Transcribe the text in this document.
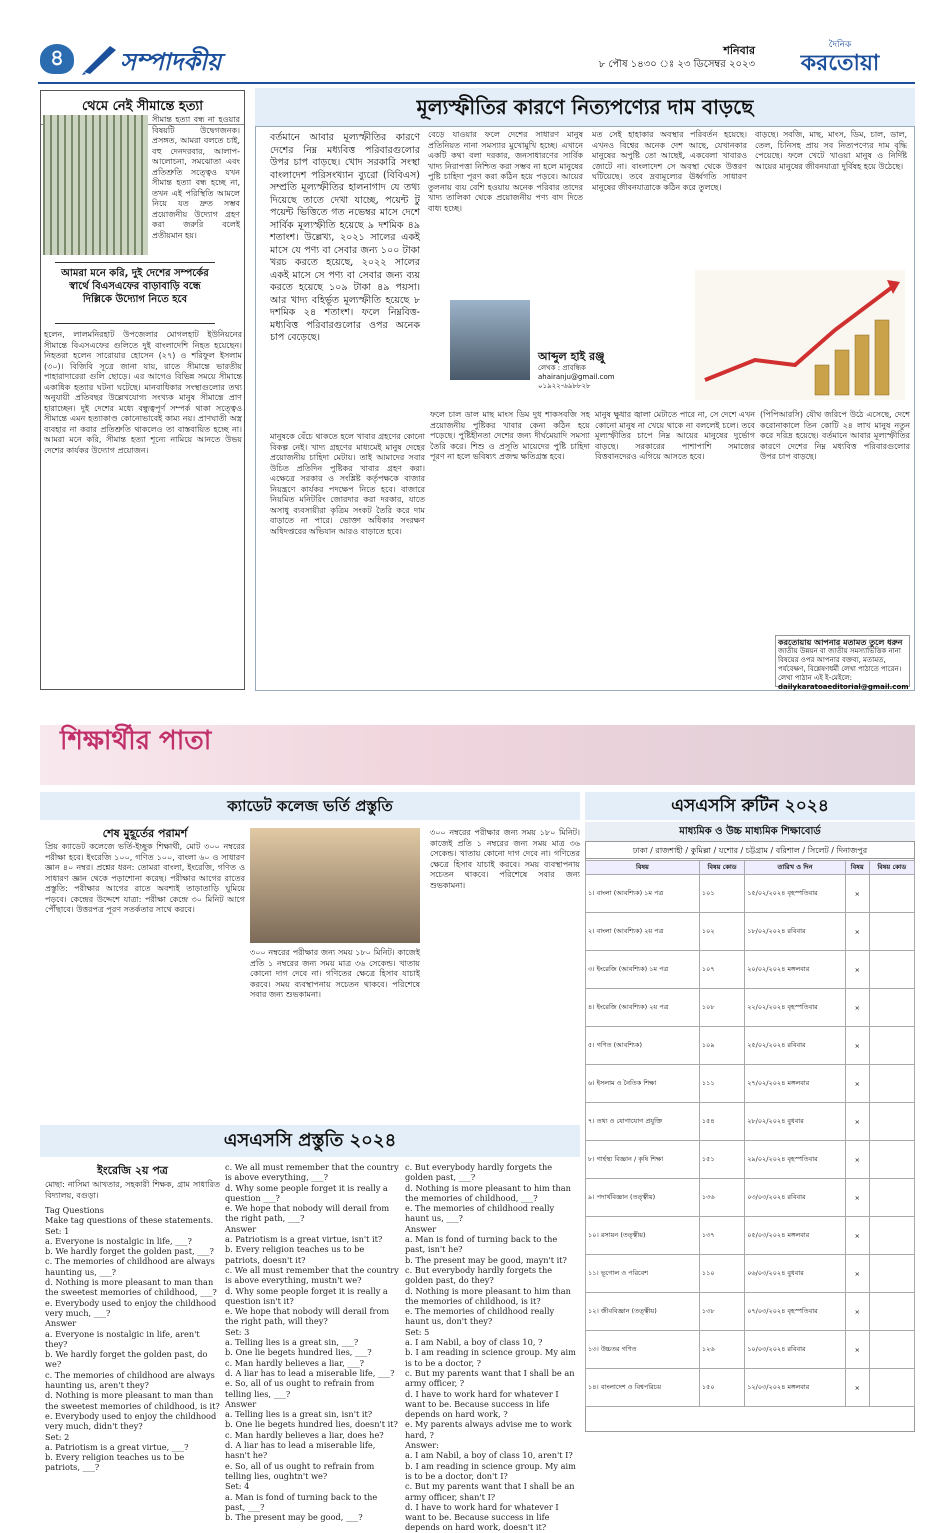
৪	সম্পাদকীয়	শনিবার
৮ পৌষ ১৪৩০ ঃ ২৩ ডিসেম্বর ২০২৩
দৈনিক
করতোয়া
থেমে নেই সীমান্তে হত্যা
সীমান্ত হত্যা বন্ধ না হওয়ার বিষয়টি উদ্বেগজনক। প্রসঙ্গত, আমরা বলতে চাই, বহু দেনদরবার, আলাপ-আলোচনা, সমঝোতা এবং প্রতিশ্রুতি সত্ত্বেও যখন সীমান্ত হত্যা বন্ধ হচ্ছে না, তখন এই পরিস্থিতি আমলে নিয়ে যত দ্রুত সম্ভব প্রয়োজনীয় উদ্যোগ গ্রহণ করা জরুরি বলেই প্রতীয়মান হয়।
আমরা মনে করি, দুই দেশের সম্পর্কের স্বার্থে বিএসএফের বাড়াবাড়ি বন্ধে দিল্লিকে উদ্যোগ নিতে হবে
হলেন, লালমনিরহাট উপজেলার মোগলহাট ইউনিয়নের সীমান্তে বিএসএফের গুলিতে দুই বাংলাদেশি নিহত হয়েছেন। নিহতরা হলেন সারোয়ার হোসেন (২৭) ও শরিফুল ইসলাম (৩০)। বিজিবি সূত্রে জানা যায়, রাতে সীমান্তে ভারতীয় পাহারাদারেরা গুলি ছোড়ে। এর আগেও বিভিন্ন সময়ে সীমান্তে একাধিক হত্যার ঘটনা ঘটেছে। মানবাধিকার সংস্থাগুলোর তথ্য অনুযায়ী প্রতিবছর উল্লেখযোগ্য সংখ্যক মানুষ সীমান্তে প্রাণ হারাচ্ছেন। দুই দেশের মধ্যে বন্ধুত্বপূর্ণ সম্পর্ক থাকা সত্ত্বেও সীমান্তে এমন হত্যাকাণ্ড কোনোভাবেই কাম্য নয়। প্রাণঘাতী অস্ত্র ব্যবহার না করার প্রতিশ্রুতি থাকলেও তা বাস্তবায়িত হচ্ছে না। আমরা মনে করি, সীমান্ত হত্যা শূন্যে নামিয়ে আনতে উভয় দেশের কার্যকর উদ্যোগ প্রয়োজন।
মূল্যস্ফীতির কারণে নিত্যপণ্যের দাম বাড়ছে
বর্তমানে আবার মূল্যস্ফীতির কারণে দেশের নিম্ন মধ্যবিত্ত পরিবারগুলোর উপর চাপ বাড়ছে। খোদ সরকারি সংস্থা বাংলাদেশ পরিসংখ্যান ব্যুরো (বিবিএস) সম্প্রতি মূল্যস্ফীতির হালনাগাদ যে তথ্য দিয়েছে তাতে দেখা যাচ্ছে, পয়েন্ট টু পয়েন্ট ভিত্তিতে গত নভেম্বর মাসে দেশে সার্বিক মূল্যস্ফীতি হয়েছে ৯ দশমিক ৪৯ শতাংশ। উল্লেখ্য, ২০২১ সালের একই মাসে যে পণ্য বা সেবার জন্য ১০০ টাকা খরচ করতে হয়েছে, ২০২২ সালের একই মাসে সে পণ্য বা সেবার জন্য ব্যয় করতে হয়েছে ১০৯ টাকা ৪৯ পয়সা। আর খাদ্য বহির্ভূত মূল্যস্ফীতি হয়েছে ৮ দশমিক ২৪ শতাংশ। ফলে নিম্নবিত্ত-মধ্যবিত্ত পরিবারগুলোর ওপর অনেক চাপ বেড়েছে।
বেড়ে যাওয়ার ফলে দেশের সাধারণ মানুষ প্রতিনিয়ত নানা সমস্যার মুখোমুখি হচ্ছে। এখানে একটি কথা বলা দরকার, জনসাধারণের সার্বিক খাদ্য নিরাপত্তা নিশ্চিত করা সম্ভব না হলে মানুষের পুষ্টি চাহিদা পূরণ করা কঠিন হয়ে পড়বে। আয়ের তুলনায় ব্যয় বেশি হওয়ায় অনেক পরিবার তাদের খাদ্য তালিকা থেকে প্রয়োজনীয় পণ্য বাদ দিতে বাধ্য হচ্ছে।
মত সেই হাহাকার অবস্থার পরিবর্তন হয়েছে। এখনও বিশ্বের অনেক দেশ আছে, যেখানকার মানুষের অপুষ্টি তো আছেই, একবেলা খাবারও জোটে না। বাংলাদেশ সে অবস্থা থেকে উত্তরণ ঘটিয়েছে। তবে দ্রব্যমূল্যের ঊর্ধ্বগতি সাধারণ মানুষের জীবনযাত্রাকে কঠিন করে তুলছে।
বাড়ছে। সবজি, মাছ, মাংস, ডিম, চাল, ডাল, তেল, চিনিসহ প্রায় সব নিত্যপণ্যের দাম বৃদ্ধি পেয়েছে। ফলে খেটে খাওয়া মানুষ ও নির্দিষ্ট আয়ের মানুষের জীবনযাত্রা দুর্বিষহ হয়ে উঠেছে।
আব্দুল হাই রঞ্জু
লেখক : প্রাবন্ধিক
ahairanju@gmail.com
০১৯২২-৬৯৮৮২৮
মানুষকে বেঁচে থাকতে হলে খাবার গ্রহণের কোনো বিকল্প নেই। খাদ্য গ্রহণের মাধ্যমেই মানুষ দেহের প্রয়োজনীয় চাহিদা মেটায়। তাই আমাদের সবার উচিত প্রতিদিন পুষ্টিকর খাবার গ্রহণ করা। এক্ষেত্রে সরকার ও সংশ্লিষ্ট কর্তৃপক্ষকে বাজার নিয়ন্ত্রণে কার্যকর পদক্ষেপ নিতে হবে। বাজারে নিয়মিত মনিটরিং জোরদার করা দরকার, যাতে অসাধু ব্যবসায়ীরা কৃত্রিম সংকট তৈরি করে দাম বাড়াতে না পারে। ভোক্তা অধিকার সংরক্ষণ অধিদপ্তরের অভিযান আরও বাড়াতে হবে।
ফলে চাল ডাল মাছ মাংস ডিম দুধ শাকসবজি সহ প্রয়োজনীয় পুষ্টিকর খাবার কেনা কঠিন হয়ে পড়েছে। পুষ্টিহীনতা দেশের জন্য দীর্ঘমেয়াদি সমস্যা তৈরি করে। শিশু ও প্রসূতি মায়েদের পুষ্টি চাহিদা পূরণ না হলে ভবিষ্যৎ প্রজন্ম ক্ষতিগ্রস্ত হবে।
মানুষ ক্ষুধার জ্বালা মেটাতে পারে না, সে দেশে এখন কোনো মানুষ না খেয়ে থাকে না বললেই চলে। তবে মূল্যস্ফীতির চাপে নিম্ন আয়ের মানুষের দুর্ভোগ বাড়ছে। সরকারের পাশাপাশি সমাজের বিত্তবানদেরও এগিয়ে আসতে হবে।
(পিপিআরসি) যৌথ জরিপে উঠে এসেছে, দেশে করোনাকালে তিন কোটি ২৪ লাখ মানুষ নতুন করে দরিদ্র হয়েছে। বর্তমানে আবার মূল্যস্ফীতির কারণে দেশের নিম্ন মধ্যবিত্ত পরিবারগুলোর উপর চাপ বাড়ছে।
করতোয়ায় আপনার মতামত তুলে ধরুন
জাতীয় উন্নয়ন বা জাতীয় সমস্যাভিত্তিক নানা বিষয়ের ওপর আপনার বক্তব্য, মতামত, পর্যবেক্ষণ, বিশ্লেষণধর্মী লেখা পাঠাতে পারেন।
লেখা পাঠান এই ই-মেইলে:
dailykaratoaeditorial@gmail.com
শিক্ষার্থীর পাতা
ক্যাডেট কলেজ ভর্তি প্রস্তুতি
শেষ মুহূর্তের পরামর্শ
প্রিয় ক্যাডেট কলেজে ভর্তি-ইচ্ছুক শিক্ষার্থী, মোট ৩০০ নম্বরের পরীক্ষা হবে। ইংরেজি ১০০, গণিত ১০০, বাংলা ৬০ ও সাধারণ জ্ঞান ৪০ নম্বর। প্রশ্নের ধরন: তোমরা বাংলা, ইংরেজি, গণিত ও সাধারণ জ্ঞান থেকে পড়াশোনা করেছ। পরীক্ষার আগের রাতের প্রস্তুতি: পরীক্ষার আগের রাতে অবশ্যই তাড়াতাড়ি ঘুমিয়ে পড়বে। কেন্দ্রের উদ্দেশে যাত্রা: পরীক্ষা কেন্দ্রে ৩০ মিনিট আগে পৌঁছাবে। উত্তরপত্র পূরণ সতর্কতার সাথে করবে।
৩০০ নম্বরের পরীক্ষার জন্য সময় ১৮০ মিনিট। কাজেই প্রতি ১ নম্বরের জন্য সময় মাত্র ৩৬ সেকেন্ড। খাতায় কোনো দাগ দেবে না। গণিতের ক্ষেত্রে হিসাব যাচাই করবে। সময় ব্যবস্থাপনায় সচেতন থাকবে। পরিশেষে সবার জন্য শুভকামনা।
৩০০ নম্বরের পরীক্ষার জন্য সময় ১৮০ মিনিট। কাজেই প্রতি ১ নম্বরের জন্য সময় মাত্র ৩৬ সেকেন্ড। খাতায় কোনো দাগ দেবে না। গণিতের ক্ষেত্রে হিসাব যাচাই করবে। সময় ব্যবস্থাপনায় সচেতন থাকবে। পরিশেষে সবার জন্য শুভকামনা।
এসএসসি প্রস্তুতি ২০২৪
ইংরেজি ২য় পত্র
মোছা: নাসিমা আখতার, সহকারী শিক্ষক, গ্রাম সাধারিত বিদ্যালয়, বগুড়া।
Tag Questions
Make tag questions of these statements.
Set: 1
a. Everyone is nostalgic in life, ___?
b. We hardly forget the golden past, ___?
c. The memories of childhood are always haunting us, ___?
d. Nothing is more pleasant to man than the sweetest memories of childhood, ___?
e. Everybody used to enjoy the childhood very much, ___?
Answer
a. Everyone is nostalgic in life, aren't they?
b. We hardly forget the golden past, do we?
c. The memories of childhood are always haunting us, aren't they?
d. Nothing is more pleasant to man than the sweetest memories of childhood, is it?
e. Everybody used to enjoy the childhood very much, didn't they?
Set: 2
a. Patriotism is a great virtue, ___?
b. Every religion teaches us to be patriots, ___?
c. We all must remember that the country is above everything, ___?
d. Why some people forget it is really a question ___?
e. We hope that nobody will derail from the right path, ___?
Answer
a. Patriotism is a great virtue, isn't it?
b. Every religion teaches us to be patriots, doesn't it?
c. We all must remember that the country is above everything, mustn't we?
d. Why some people forget it is really a question isn't it?
e. We hope that nobody will derail from the right path, will they?
Set: 3
a. Telling lies is a great sin, ___?
b. One lie begets hundred lies, ___?
c. Man hardly believes a liar, ___?
d. A liar has to lead a miserable life, ___?
e. So, all of us ought to refrain from telling lies, ___?
Answer
a. Telling lies is a great sin, isn't it?
b. One lie begets hundred lies, doesn't it?
c. Man hardly believes a liar, does he?
d. A liar has to lead a miserable life, hasn't he?
e. So, all of us ought to refrain from telling lies, oughtn't we?
Set: 4
a. Man is fond of turning back to the past, ___?
b. The present may be good, ___?
c. But everybody hardly forgets the golden past, ___?
d. Nothing is more pleasant to him than the memories of childhood, ___?
e. The memories of childhood really haunt us, ___?
Answer
a. Man is fond of turning back to the past, isn't he?
b. The present may be good, mayn't it?
c. But everybody hardly forgets the golden past, do they?
d. Nothing is more pleasant to him than the memories of childhood, is it?
e. The memories of childhood really haunt us, don't they?
Set: 5
a. I am Nabil, a boy of class 10, ?
b. I am reading in science group. My aim is to be a doctor, ?
c. But my parents want that I shall be an army officer, ?
d. I have to work hard for whatever I want to be. Because success in life depends on hard work, ?
e. My parents always advise me to work hard, ?
Answer:
a. I am Nabil, a boy of class 10, aren't I?
b. I am reading in science group. My aim is to be a doctor, don't I?
c. But my parents want that I shall be an army officer, shan't I?
d. I have to work hard for whatever I want to be. Because success in life depends on hard work, doesn't it?
এসএসসি রুটিন ২০২৪
মাধ্যমিক ও উচ্চ মাধ্যমিক শিক্ষাবোর্ড
ঢাকা / রাজশাহী / কুমিল্লা / যশোর / চট্টগ্রাম / বরিশাল / সিলেট / দিনাজপুর
বিষয়	বিষয় কোড	তারিখ ও দিন	বিষয়	বিষয় কোড
১। বাংলা (আবশ্যিক) ১ম পত্র	১০১	১৫/০২/২০২৪ বৃহস্পতিবার	×	
২। বাংলা (আবশ্যিক) ২য় পত্র	১০২	১৮/০২/২০২৪ রবিবার	×	
৩। ইংরেজি (আবশ্যিক) ১ম পত্র	১০৭	২০/০২/২০২৪ মঙ্গলবার	×	
৪। ইংরেজি (আবশ্যিক) ২য় পত্র	১০৮	২২/০২/২০২৪ বৃহস্পতিবার	×	
৫। গণিত (আবশ্যিক)	১০৯	২৫/০২/২০২৪ রবিবার	×	
৬। ইসলাম ও নৈতিক শিক্ষা	১১১	২৭/০২/২০২৪ মঙ্গলবার	×	
৭। তথ্য ও যোগাযোগ প্রযুক্তি	১৫৪	২৮/০২/২০২৪ বুধবার	×	
৮। গার্হস্থ্য বিজ্ঞান / কৃষি শিক্ষা	১৫১	২৯/০২/২০২৪ বৃহস্পতিবার	×	
৯। পদার্থবিজ্ঞান (তত্ত্বীয়)	১৩৬	০৩/০৩/২০২৪ রবিবার	×	
১০। রসায়ন (তত্ত্বীয়)	১৩৭	০৫/০৩/২০২৪ মঙ্গলবার	×	
১১। ভূগোল ও পরিবেশ	১১০	০৬/০৩/২০২৪ বুধবার	×	
১২। জীববিজ্ঞান (তত্ত্বীয়)	১৩৮	০৭/০৩/২০২৪ বৃহস্পতিবার	×	
১৩। উচ্চতর গণিত	১২৬	১০/০৩/২০২৪ রবিবার	×	
১৪। বাংলাদেশ ও বিশ্বপরিচয়	১৫০	১২/০৩/২০২৪ মঙ্গলবার	×	
